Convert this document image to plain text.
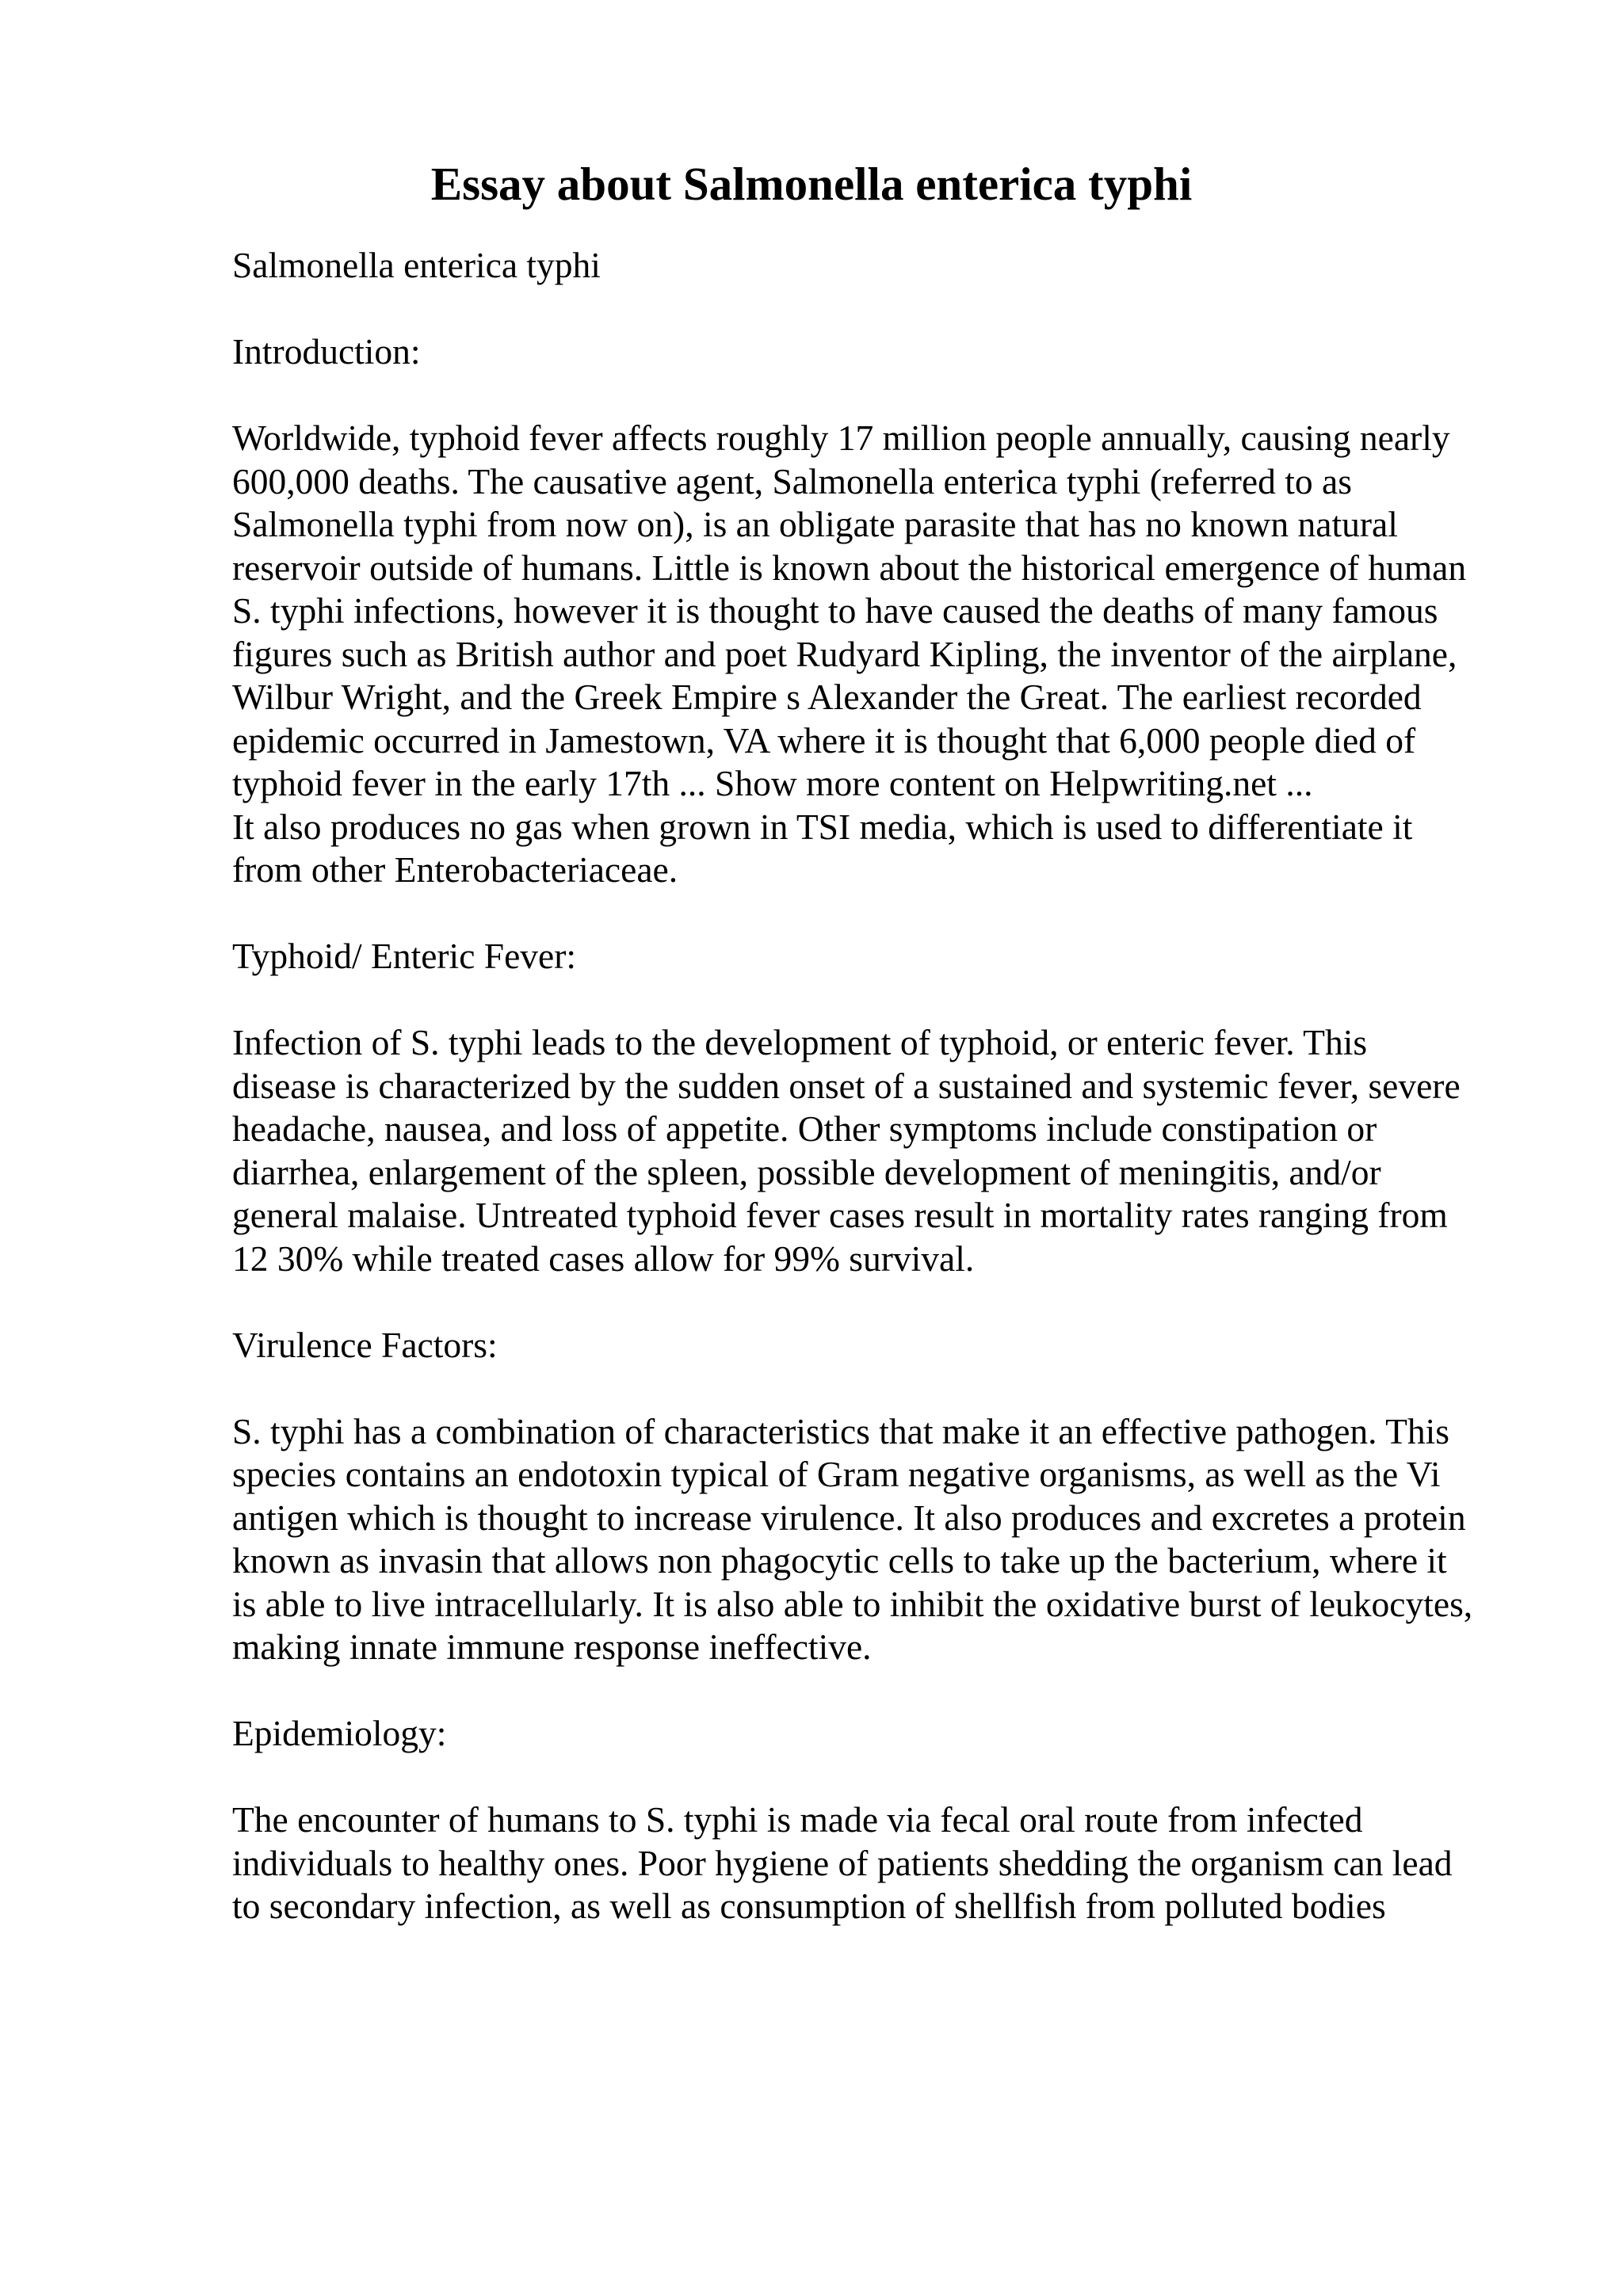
Essay about Salmonella enterica typhi

Salmonella enterica typhi

Introduction:

Worldwide, typhoid fever affects roughly 17 million people annually, causing nearly
600,000 deaths. The causative agent, Salmonella enterica typhi (referred to as
Salmonella typhi from now on), is an obligate parasite that has no known natural
reservoir outside of humans. Little is known about the historical emergence of human
S. typhi infections, however it is thought to have caused the deaths of many famous
figures such as British author and poet Rudyard Kipling, the inventor of the airplane,
Wilbur Wright, and the Greek Empire s Alexander the Great. The earliest recorded
epidemic occurred in Jamestown, VA where it is thought that 6,000 people died of
typhoid fever in the early 17th ... Show more content on Helpwriting.net ...

It also produces no gas when grown in TSI media, which is used to differentiate it
from other Enterobacteriaceae.

Typhoid/ Enteric Fever:

Infection of S. typhi leads to the development of typhoid, or enteric fever. This
disease is characterized by the sudden onset of a sustained and systemic fever, severe
headache, nausea, and loss of appetite. Other symptoms include constipation or
diarrhea, enlargement of the spleen, possible development of meningitis, and/or
general malaise. Untreated typhoid fever cases result in mortality rates ranging from
12 30% while treated cases allow for 99% survival.

Virulence Factors:

S. typhi has a combination of characteristics that make it an effective pathogen. This
species contains an endotoxin typical of Gram negative organisms, as well as the Vi
antigen which is thought to increase virulence. It also produces and excretes a protein
known as invasin that allows non phagocytic cells to take up the bacterium, where it
is able to live intracellularly. It is also able to inhibit the oxidative burst of leukocytes,
making innate immune response ineffective.

Epidemiology:

The encounter of humans to S. typhi is made via fecal oral route from infected
individuals to healthy ones. Poor hygiene of patients shedding the organism can lead
to secondary infection, as well as consumption of shellfish from polluted bodies
